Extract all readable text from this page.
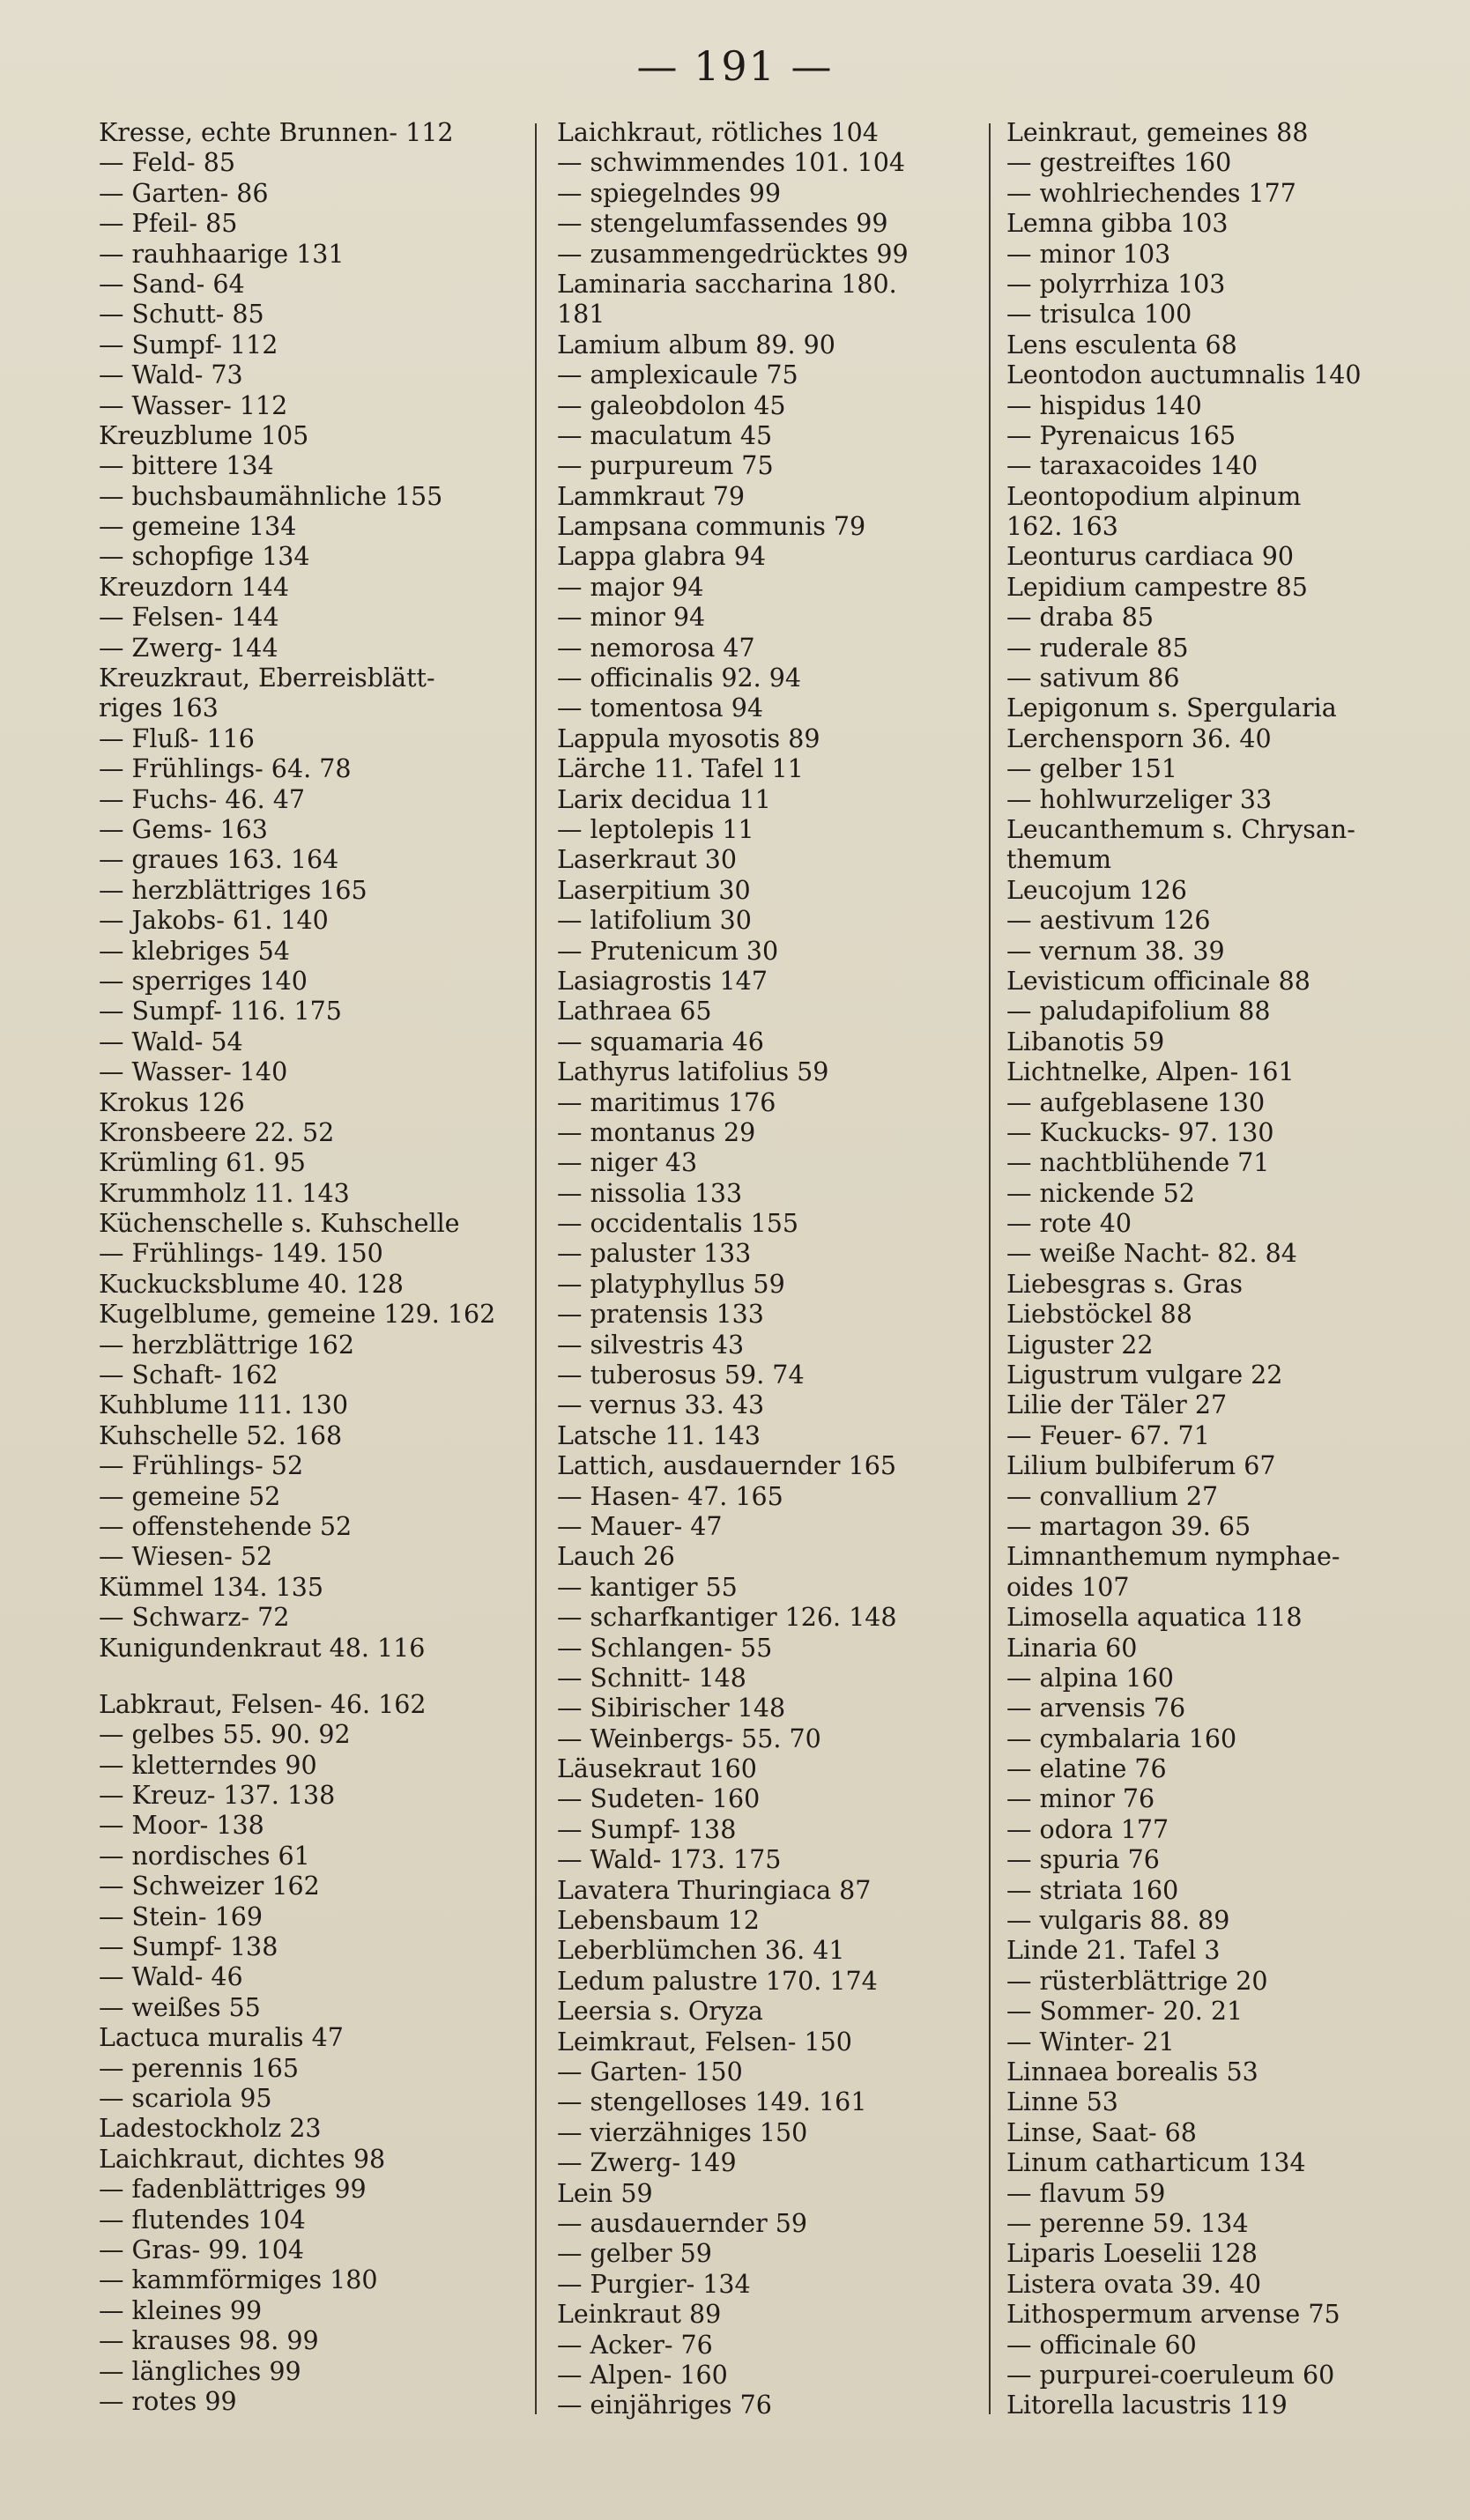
— 191 —
Kresse, echte Brunnen- 112
— Feld- 85
— Garten- 86
— Pfeil- 85
— rauhhaarige 131
— Sand- 64
— Schutt- 85
— Sumpf- 112
— Wald- 73
— Wasser- 112
Kreuzblume 105
— bittere 134
— buchsbaumähnliche 155
— gemeine 134
— schopfige 134
Kreuzdorn 144
— Felsen- 144
— Zwerg- 144
Kreuzkraut, Eberreisblätt-
riges 163
— Fluß- 116
— Frühlings- 64. 78
— Fuchs- 46. 47
— Gems- 163
— graues 163. 164
— herzblättriges 165
— Jakobs- 61. 140
— klebriges 54
— sperriges 140
— Sumpf- 116. 175
— Wald- 54
— Wasser- 140
Krokus 126
Kronsbeere 22. 52
Krümling 61. 95
Krummholz 11. 143
Küchenschelle s. Kuhschelle
— Frühlings- 149. 150
Kuckucksblume 40. 128
Kugelblume, gemeine 129. 162
— herzblättrige 162
— Schaft- 162
Kuhblume 111. 130
Kuhschelle 52. 168
— Frühlings- 52
— gemeine 52
— offenstehende 52
— Wiesen- 52
Kümmel 134. 135
— Schwarz- 72
Kunigundenkraut 48. 116
Labkraut, Felsen- 46. 162
— gelbes 55. 90. 92
— kletterndes 90
— Kreuz- 137. 138
— Moor- 138
— nordisches 61
— Schweizer 162
— Stein- 169
— Sumpf- 138
— Wald- 46
— weißes 55
Lactuca muralis 47
— perennis 165
— scariola 95
Ladestockholz 23
Laichkraut, dichtes 98
— fadenblättriges 99
— flutendes 104
— Gras- 99. 104
— kammförmiges 180
— kleines 99
— krauses 98. 99
— längliches 99
— rotes 99
Laichkraut, rötliches 104
— schwimmendes 101. 104
— spiegelndes 99
— stengelumfassendes 99
— zusammengedrücktes 99
Laminaria saccharina 180.
181
Lamium album 89. 90
— amplexicaule 75
— galeobdolon 45
— maculatum 45
— purpureum 75
Lammkraut 79
Lampsana communis 79
Lappa glabra 94
— major 94
— minor 94
— nemorosa 47
— officinalis 92. 94
— tomentosa 94
Lappula myosotis 89
Lärche 11. Tafel 11
Larix decidua 11
— leptolepis 11
Laserkraut 30
Laserpitium 30
— latifolium 30
— Prutenicum 30
Lasiagrostis 147
Lathraea 65
— squamaria 46
Lathyrus latifolius 59
— maritimus 176
— montanus 29
— niger 43
— nissolia 133
— occidentalis 155
— paluster 133
— platyphyllus 59
— pratensis 133
— silvestris 43
— tuberosus 59. 74
— vernus 33. 43
Latsche 11. 143
Lattich, ausdauernder 165
— Hasen- 47. 165
— Mauer- 47
Lauch 26
— kantiger 55
— scharfkantiger 126. 148
— Schlangen- 55
— Schnitt- 148
— Sibirischer 148
— Weinbergs- 55. 70
Läusekraut 160
— Sudeten- 160
— Sumpf- 138
— Wald- 173. 175
Lavatera Thuringiaca 87
Lebensbaum 12
Leberblümchen 36. 41
Ledum palustre 170. 174
Leersia s. Oryza
Leimkraut, Felsen- 150
— Garten- 150
— stengelloses 149. 161
— vierzähniges 150
— Zwerg- 149
Lein 59
— ausdauernder 59
— gelber 59
— Purgier- 134
Leinkraut 89
— Acker- 76
— Alpen- 160
— einjähriges 76
Leinkraut, gemeines 88
— gestreiftes 160
— wohlriechendes 177
Lemna gibba 103
— minor 103
— polyrrhiza 103
— trisulca 100
Lens esculenta 68
Leontodon auctumnalis 140
— hispidus 140
— Pyrenaicus 165
— taraxacoides 140
Leontopodium alpinum
162. 163
Leonturus cardiaca 90
Lepidium campestre 85
— draba 85
— ruderale 85
— sativum 86
Lepigonum s. Spergularia
Lerchensporn 36. 40
— gelber 151
— hohlwurzeliger 33
Leucanthemum s. Chrysan-
themum
Leucojum 126
— aestivum 126
— vernum 38. 39
Levisticum officinale 88
— paludapifolium 88
Libanotis 59
Lichtnelke, Alpen- 161
— aufgeblasene 130
— Kuckucks- 97. 130
— nachtblühende 71
— nickende 52
— rote 40
— weiße Nacht- 82. 84
Liebesgras s. Gras
Liebstöckel 88
Liguster 22
Ligustrum vulgare 22
Lilie der Täler 27
— Feuer- 67. 71
Lilium bulbiferum 67
— convallium 27
— martagon 39. 65
Limnanthemum nymphae-
oides 107
Limosella aquatica 118
Linaria 60
— alpina 160
— arvensis 76
— cymbalaria 160
— elatine 76
— minor 76
— odora 177
— spuria 76
— striata 160
— vulgaris 88. 89
Linde 21. Tafel 3
— rüsterblättrige 20
— Sommer- 20. 21
— Winter- 21
Linnaea borealis 53
Linne 53
Linse, Saat- 68
Linum catharticum 134
— flavum 59
— perenne 59. 134
Liparis Loeselii 128
Listera ovata 39. 40
Lithospermum arvense 75
— officinale 60
— purpurei-coeruleum 60
Litorella lacustris 119
